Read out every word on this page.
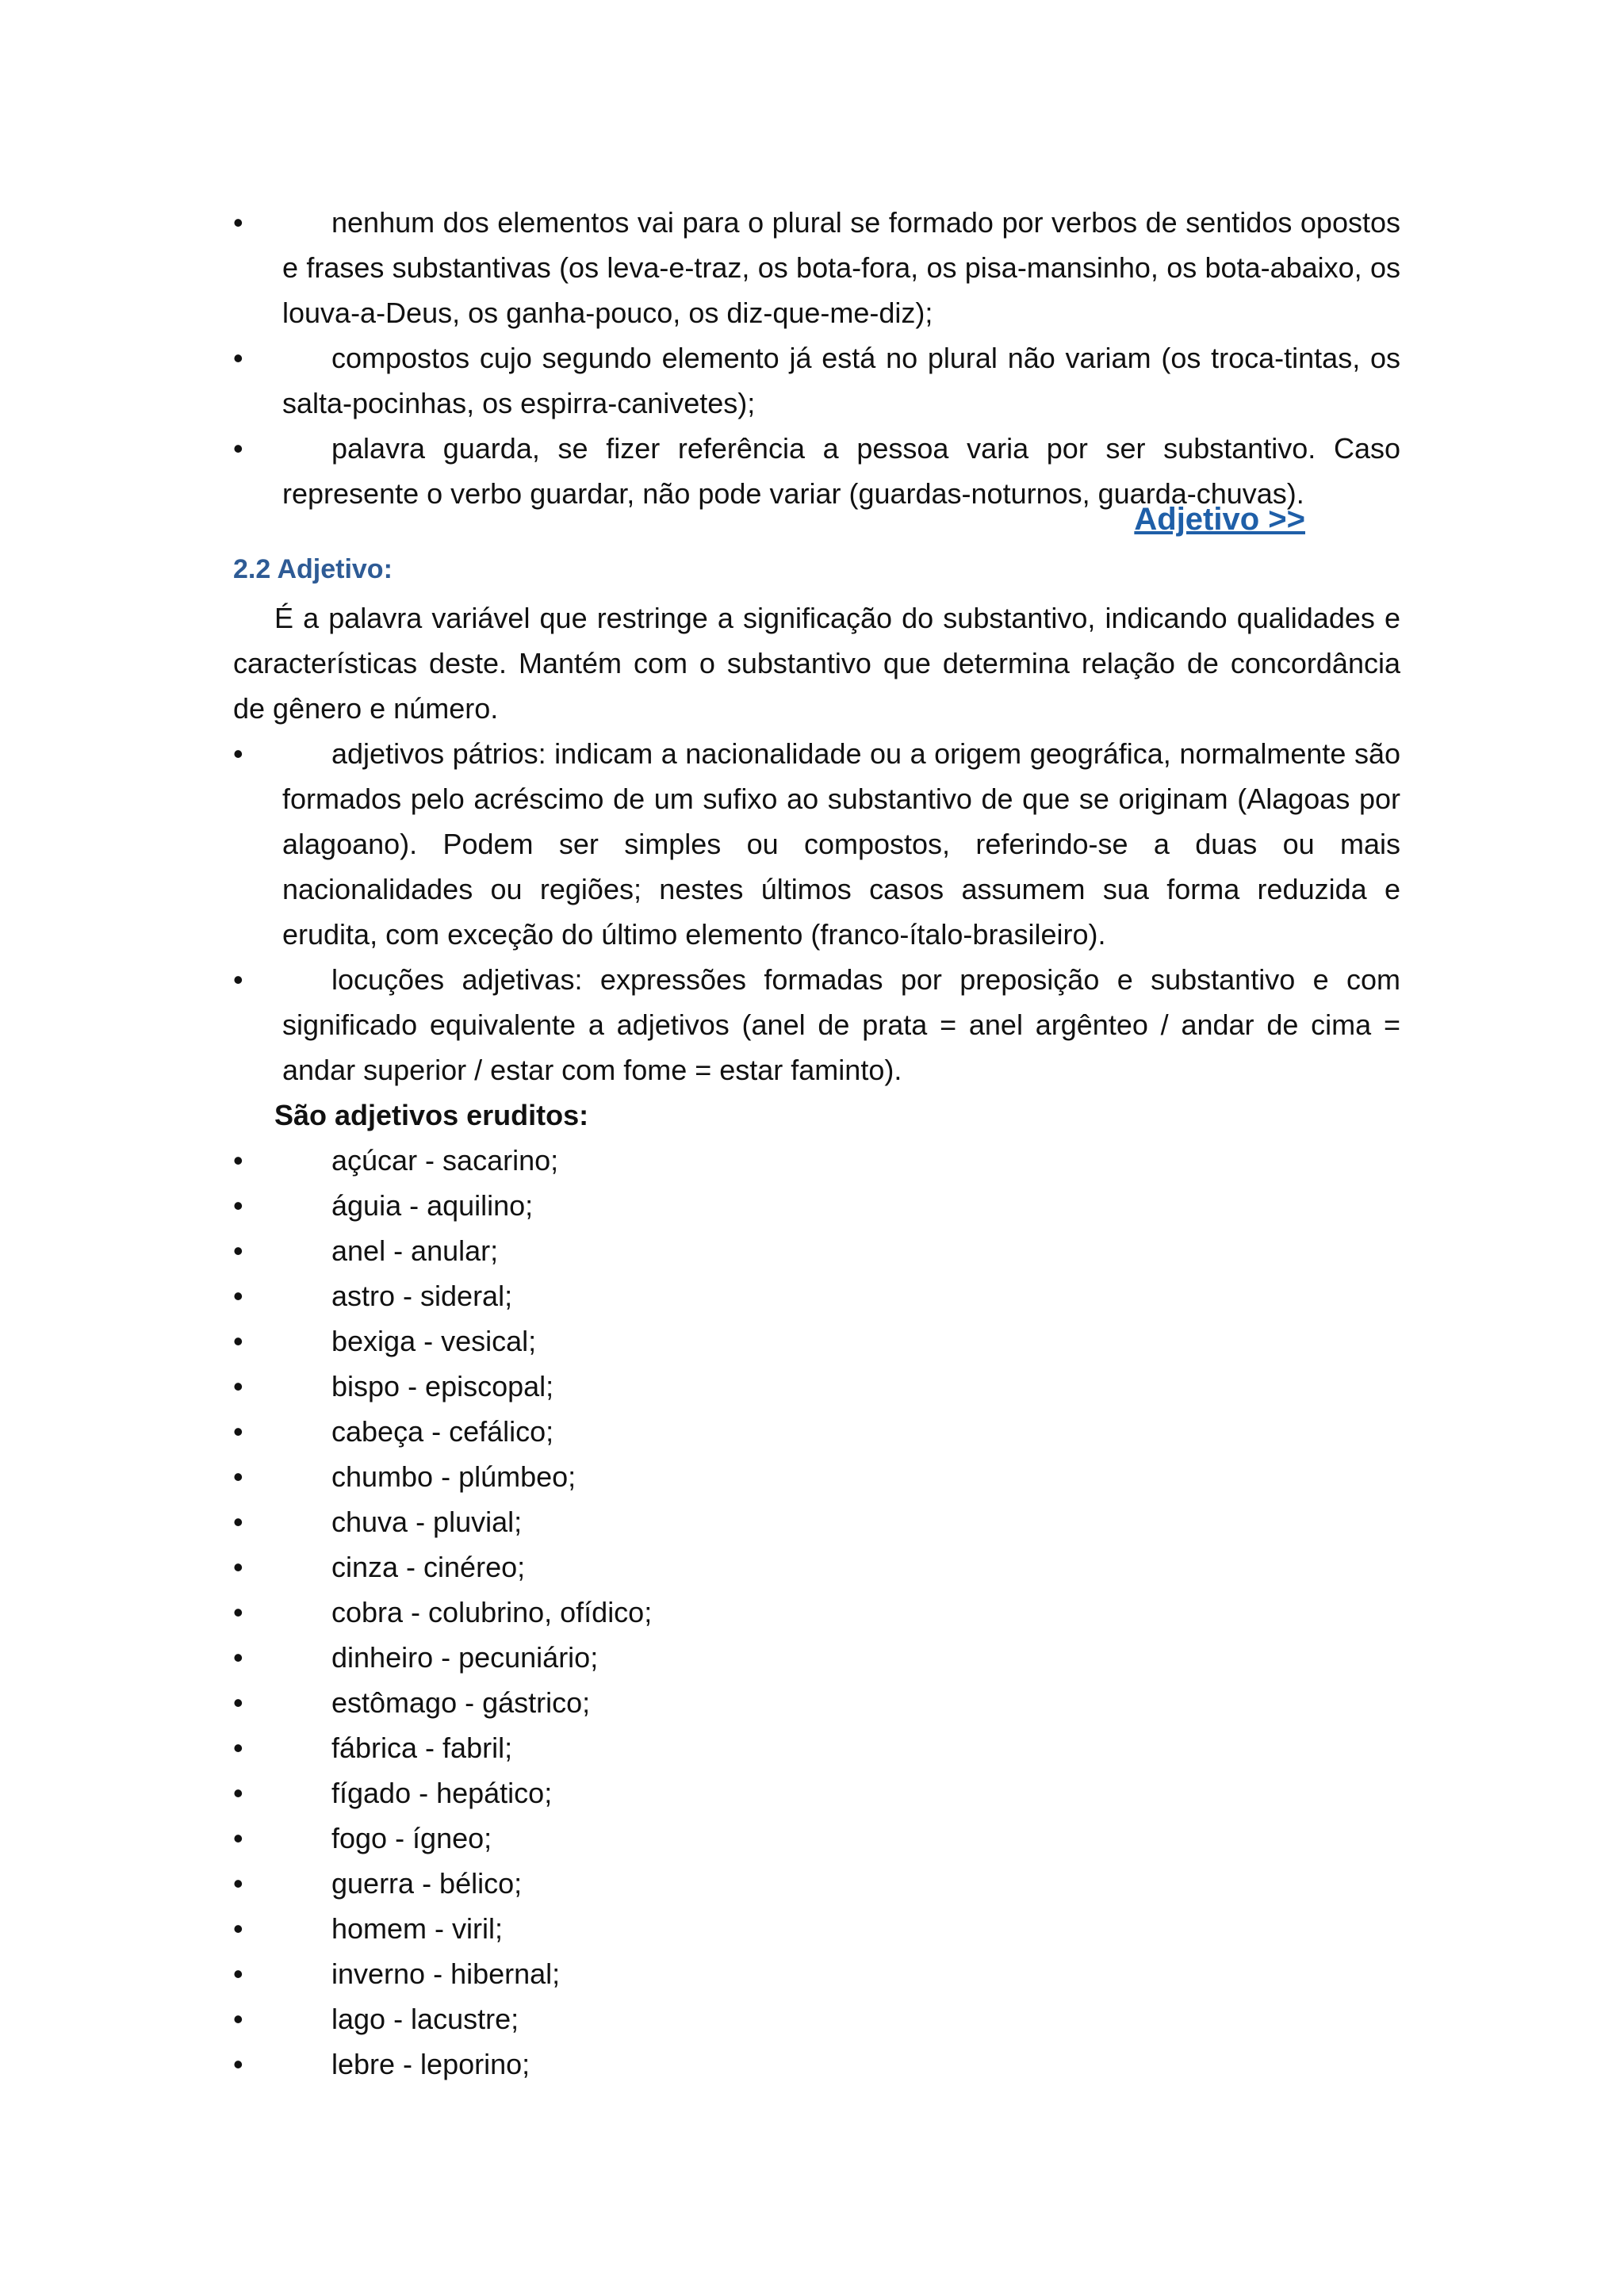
•	nenhum dos elementos vai para o plural se formado por verbos de sentidos opostos e frases substantivas (os leva-e-traz, os bota-fora, os pisa-mansinho, os bota-abaixo, os louva-a-Deus, os ganha-pouco, os diz-que-me-diz);
•	compostos cujo segundo elemento já está no plural não variam (os troca-tintas, os salta-pocinhas, os espirra-canivetes);
•	palavra guarda, se fizer referência a pessoa varia por ser substantivo. Caso represente o verbo guardar, não pode variar (guardas-noturnos, guarda-chuvas).
Adjetivo >>
2.2 Adjetivo:
É a palavra variável que restringe a significação do substantivo, indicando qualidades e características deste. Mantém com o substantivo que determina relação de concordância de gênero e número.
•	adjetivos pátrios: indicam a nacionalidade ou a origem geográfica, normalmente são formados pelo acréscimo de um sufixo ao substantivo de que se originam (Alagoas por alagoano). Podem ser simples ou compostos, referindo-se a duas ou mais nacionalidades ou regiões; nestes últimos casos assumem sua forma reduzida e erudita, com exceção do último elemento (franco-ítalo-brasileiro).
•	locuções adjetivas: expressões formadas por preposição e substantivo e com significado equivalente a adjetivos (anel de prata = anel argênteo / andar de cima = andar superior / estar com fome = estar faminto).
São adjetivos eruditos:
•	açúcar - sacarino;
•	águia - aquilino;
•	anel - anular;
•	astro - sideral;
•	bexiga - vesical;
•	bispo - episcopal;
•	cabeça - cefálico;
•	chumbo - plúmbeo;
•	chuva - pluvial;
•	cinza - cinéreo;
•	cobra - colubrino, ofídico;
•	dinheiro - pecuniário;
•	estômago - gástrico;
•	fábrica - fabril;
•	fígado - hepático;
•	fogo - ígneo;
•	guerra - bélico;
•	homem - viril;
•	inverno - hibernal;
•	lago - lacustre;
•	lebre - leporino;
